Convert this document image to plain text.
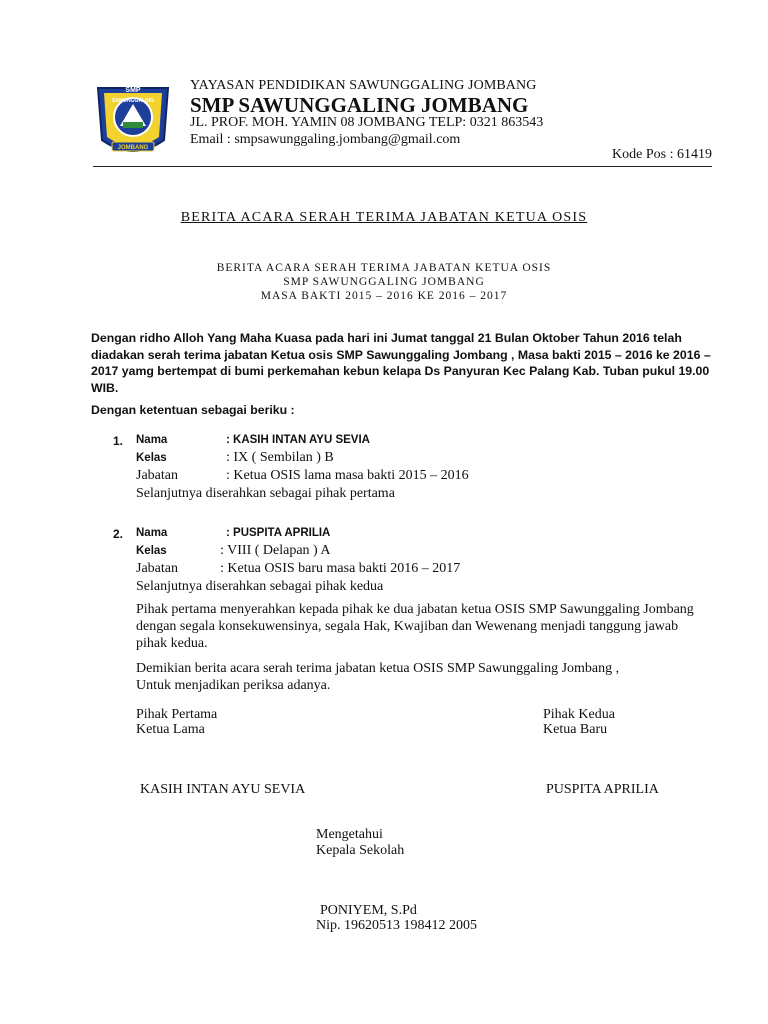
SMP
SAWUNGGALING
JOMBANG
YAYASAN PENDIDIKAN SAWUNGGALING JOMBANG
SMP SAWUNGGALING JOMBANG
JL. PROF. MOH. YAMIN 08 JOMBANG TELP: 0321 863543
Email : smpsawunggaling.jombang@gmail.com
Kode Pos : 61419
BERITA ACARA SERAH TERIMA JABATAN KETUA OSIS
BERITA ACARA SERAH TERIMA JABATAN KETUA OSIS
SMP SAWUNGGALING JOMBANG
MASA BAKTI 2015 – 2016 KE 2016 – 2017
Dengan ridho Alloh Yang Maha Kuasa pada hari ini Jumat tanggal 21 Bulan Oktober Tahun 2016 telah diadakan serah terima jabatan Ketua osis SMP Sawunggaling Jombang , Masa bakti 2015 – 2016 ke 2016 – 2017 yamg bertempat di bumi perkemahan kebun kelapa Ds Panyuran Kec Palang Kab. Tuban pukul 19.00 WIB.
Dengan ketentuan sebagai beriku :
1. Nama	: KASIH INTAN AYU SEVIA
Kelas	: IX ( Sembilan ) B
Jabatan	: Ketua OSIS lama masa bakti 2015 – 2016
Selanjutnya diserahkan sebagai pihak pertama
2. Nama	: PUSPITA APRILIA
Kelas	: VIII ( Delapan ) A
Jabatan	: Ketua OSIS baru masa bakti 2016 – 2017
Selanjutnya diserahkan sebagai pihak kedua
Pihak pertama menyerahkan kepada pihak ke dua jabatan ketua OSIS SMP Sawunggaling Jombang dengan segala konsekuwensinya, segala Hak, Kwajiban dan Wewenang menjadi tanggung jawab pihak kedua.
Demikian berita acara serah terima jabatan ketua OSIS SMP Sawunggaling Jombang ,
Untuk menjadikan periksa adanya.
Pihak Pertama
Ketua Lama
Pihak Kedua
Ketua Baru
KASIH INTAN AYU SEVIA	PUSPITA APRILIA
Mengetahui
Kepala Sekolah
PONIYEM, S.Pd
Nip. 19620513 198412 2005
